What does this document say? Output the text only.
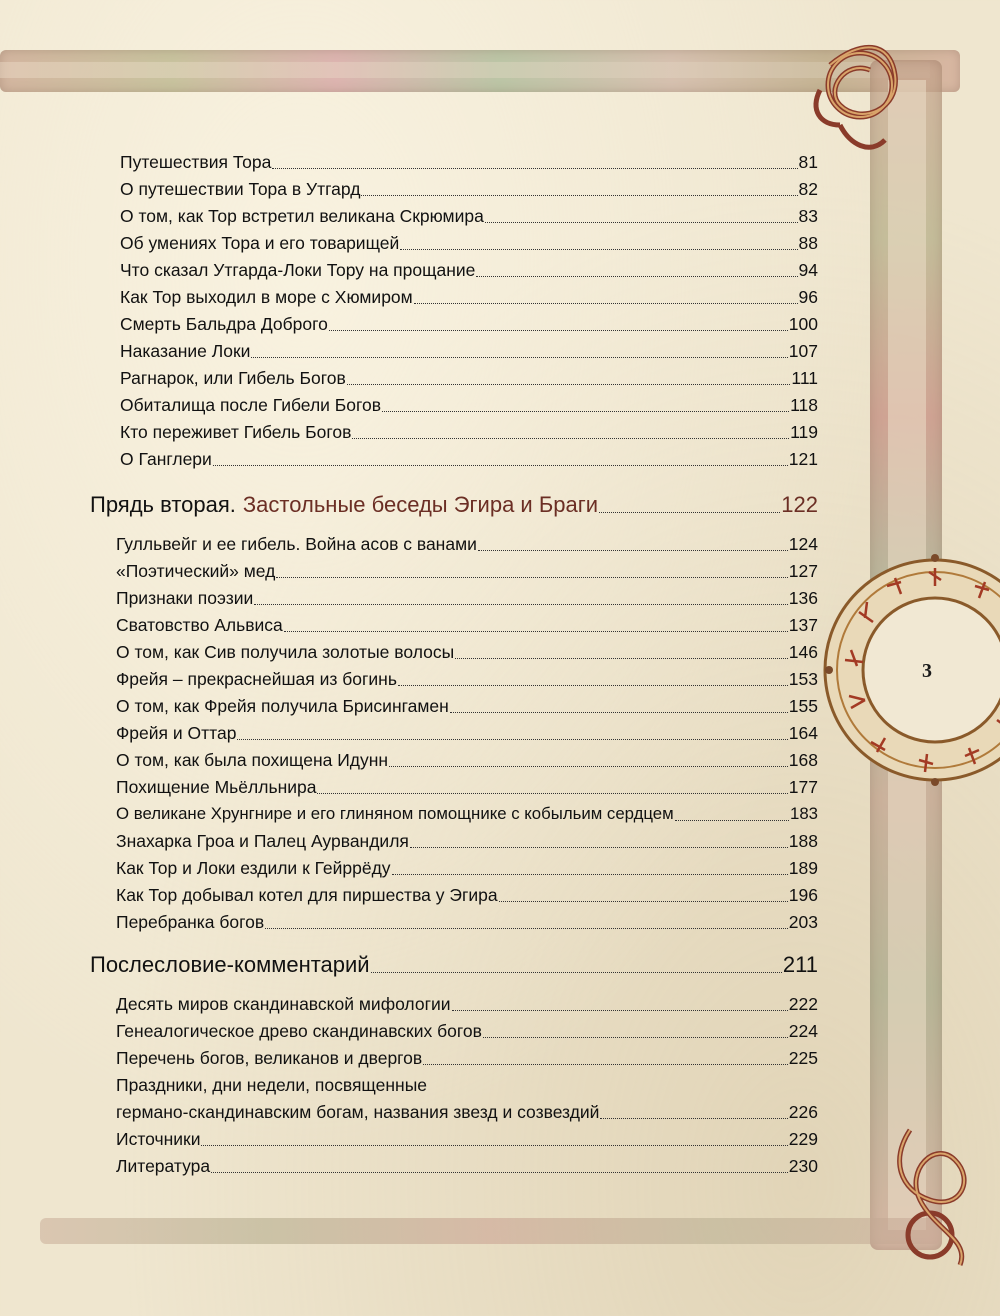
3
Путешествия Тора	81
О путешествии Тора в Утгард	82
О том, как Тор встретил великана Скрюмира	83
Об умениях Тора и его товарищей	88
Что сказал Утгарда-Локи Тору на прощание	94
Как Тор выходил в море с Хюмиром	96
Смерть Бальдра Доброго	100
Наказание Локи	107
Рагнарок, или Гибель Богов	111
Обиталища после Гибели Богов	118
Кто переживет Гибель Богов	119
О Ганглери	121
Прядь вторая. Застольные беседы Эгира и Браги	122
Гулльвейг и ее гибель. Война асов с ванами	124
«Поэтический» мед	127
Признаки поэзии	136
Сватовство Альвиса	137
О том, как Сив получила золотые волосы	146
Фрейя – прекраснейшая из богинь	153
О том, как Фрейя получила Брисингамен	155
Фрейя и Оттар	164
О том, как была похищена Идунн	168
Похищение Мьёлльнира	177
О великане Хрунгнире и его глиняном помощнике с кобыльим сердцем	183
Знахарка Гроа и Палец Аурвандиля	188
Как Тор и Локи ездили к Гейррёду	189
Как Тор добывал котел для пиршества у Эгира	196
Перебранка богов	203
Послесловие-комментарий	211
Десять миров скандинавской мифологии	222
Генеалогическое древо скандинавских богов	224
Перечень богов, великанов и двергов	225
Праздники, дни недели, посвященные
германо-скандинавским богам, названия звезд и созвездий	226
Источники	229
Литература	230
